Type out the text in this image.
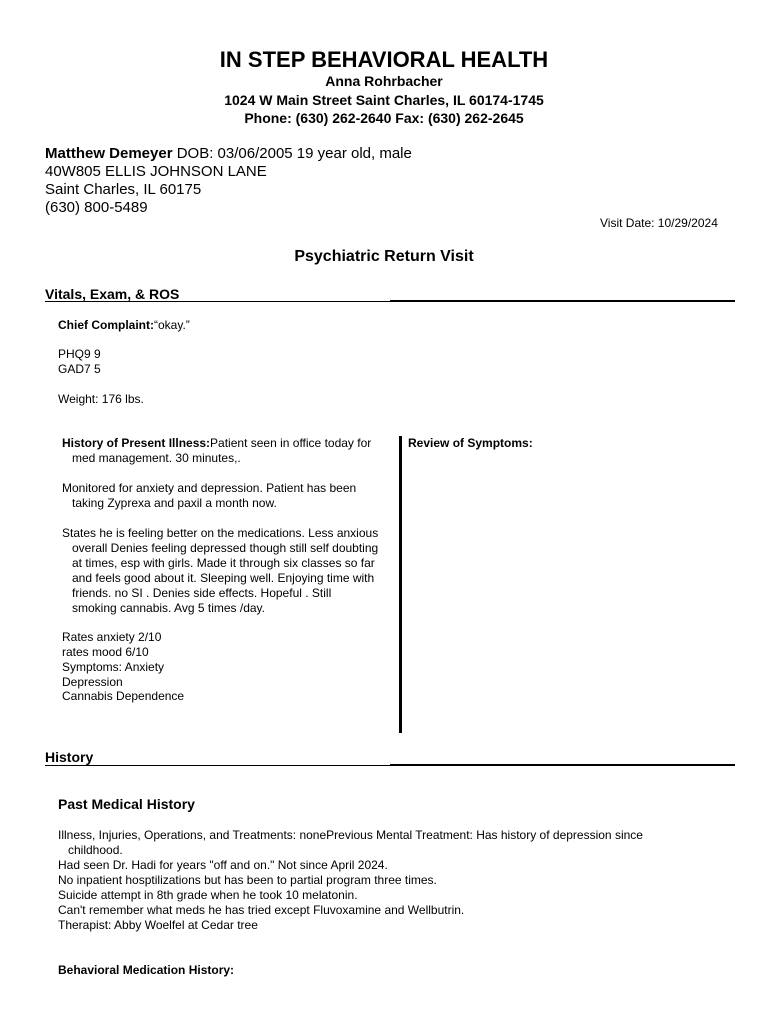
IN STEP BEHAVIORAL HEALTH
Anna Rohrbacher
1024 W Main Street Saint Charles, IL 60174-1745
Phone: (630) 262-2640 Fax: (630) 262-2645
Matthew Demeyer DOB: 03/06/2005 19 year old, male
40W805 ELLIS JOHNSON LANE
Saint Charles, IL 60175
(630) 800-5489
Visit Date: 10/29/2024
Psychiatric Return Visit
Vitals, Exam, & ROS
Chief Complaint:“okay.”
PHQ9 9
GAD7 5
Weight: 176 lbs.
History of Present Illness:Patient seen in office today for
med management. 30 minutes,.
Monitored for anxiety and depression. Patient has been
taking Zyprexa and paxil a month now.
States he is feeling better on the medications. Less anxious
overall Denies feeling depressed though still self doubting
at times, esp with girls. Made it through six classes so far
and feels good about it. Sleeping well. Enjoying time with
friends. no SI . Denies side effects. Hopeful . Still
smoking cannabis. Avg 5 times /day.
Rates anxiety 2/10
rates mood 6/10
Symptoms: Anxiety
Depression
Cannabis Dependence
Review of Symptoms:
History
Past Medical History
Illness, Injuries, Operations, and Treatments: nonePrevious Mental Treatment: Has history of depression since
childhood.
Had seen Dr. Hadi for years "off and on." Not since April 2024.
No inpatient hosptilizations but has been to partial program three times.
Suicide attempt in 8th grade when he took 10 melatonin.
Can't remember what meds he has tried except Fluvoxamine and Wellbutrin.
Therapist: Abby Woelfel at Cedar tree
Behavioral Medication History:
